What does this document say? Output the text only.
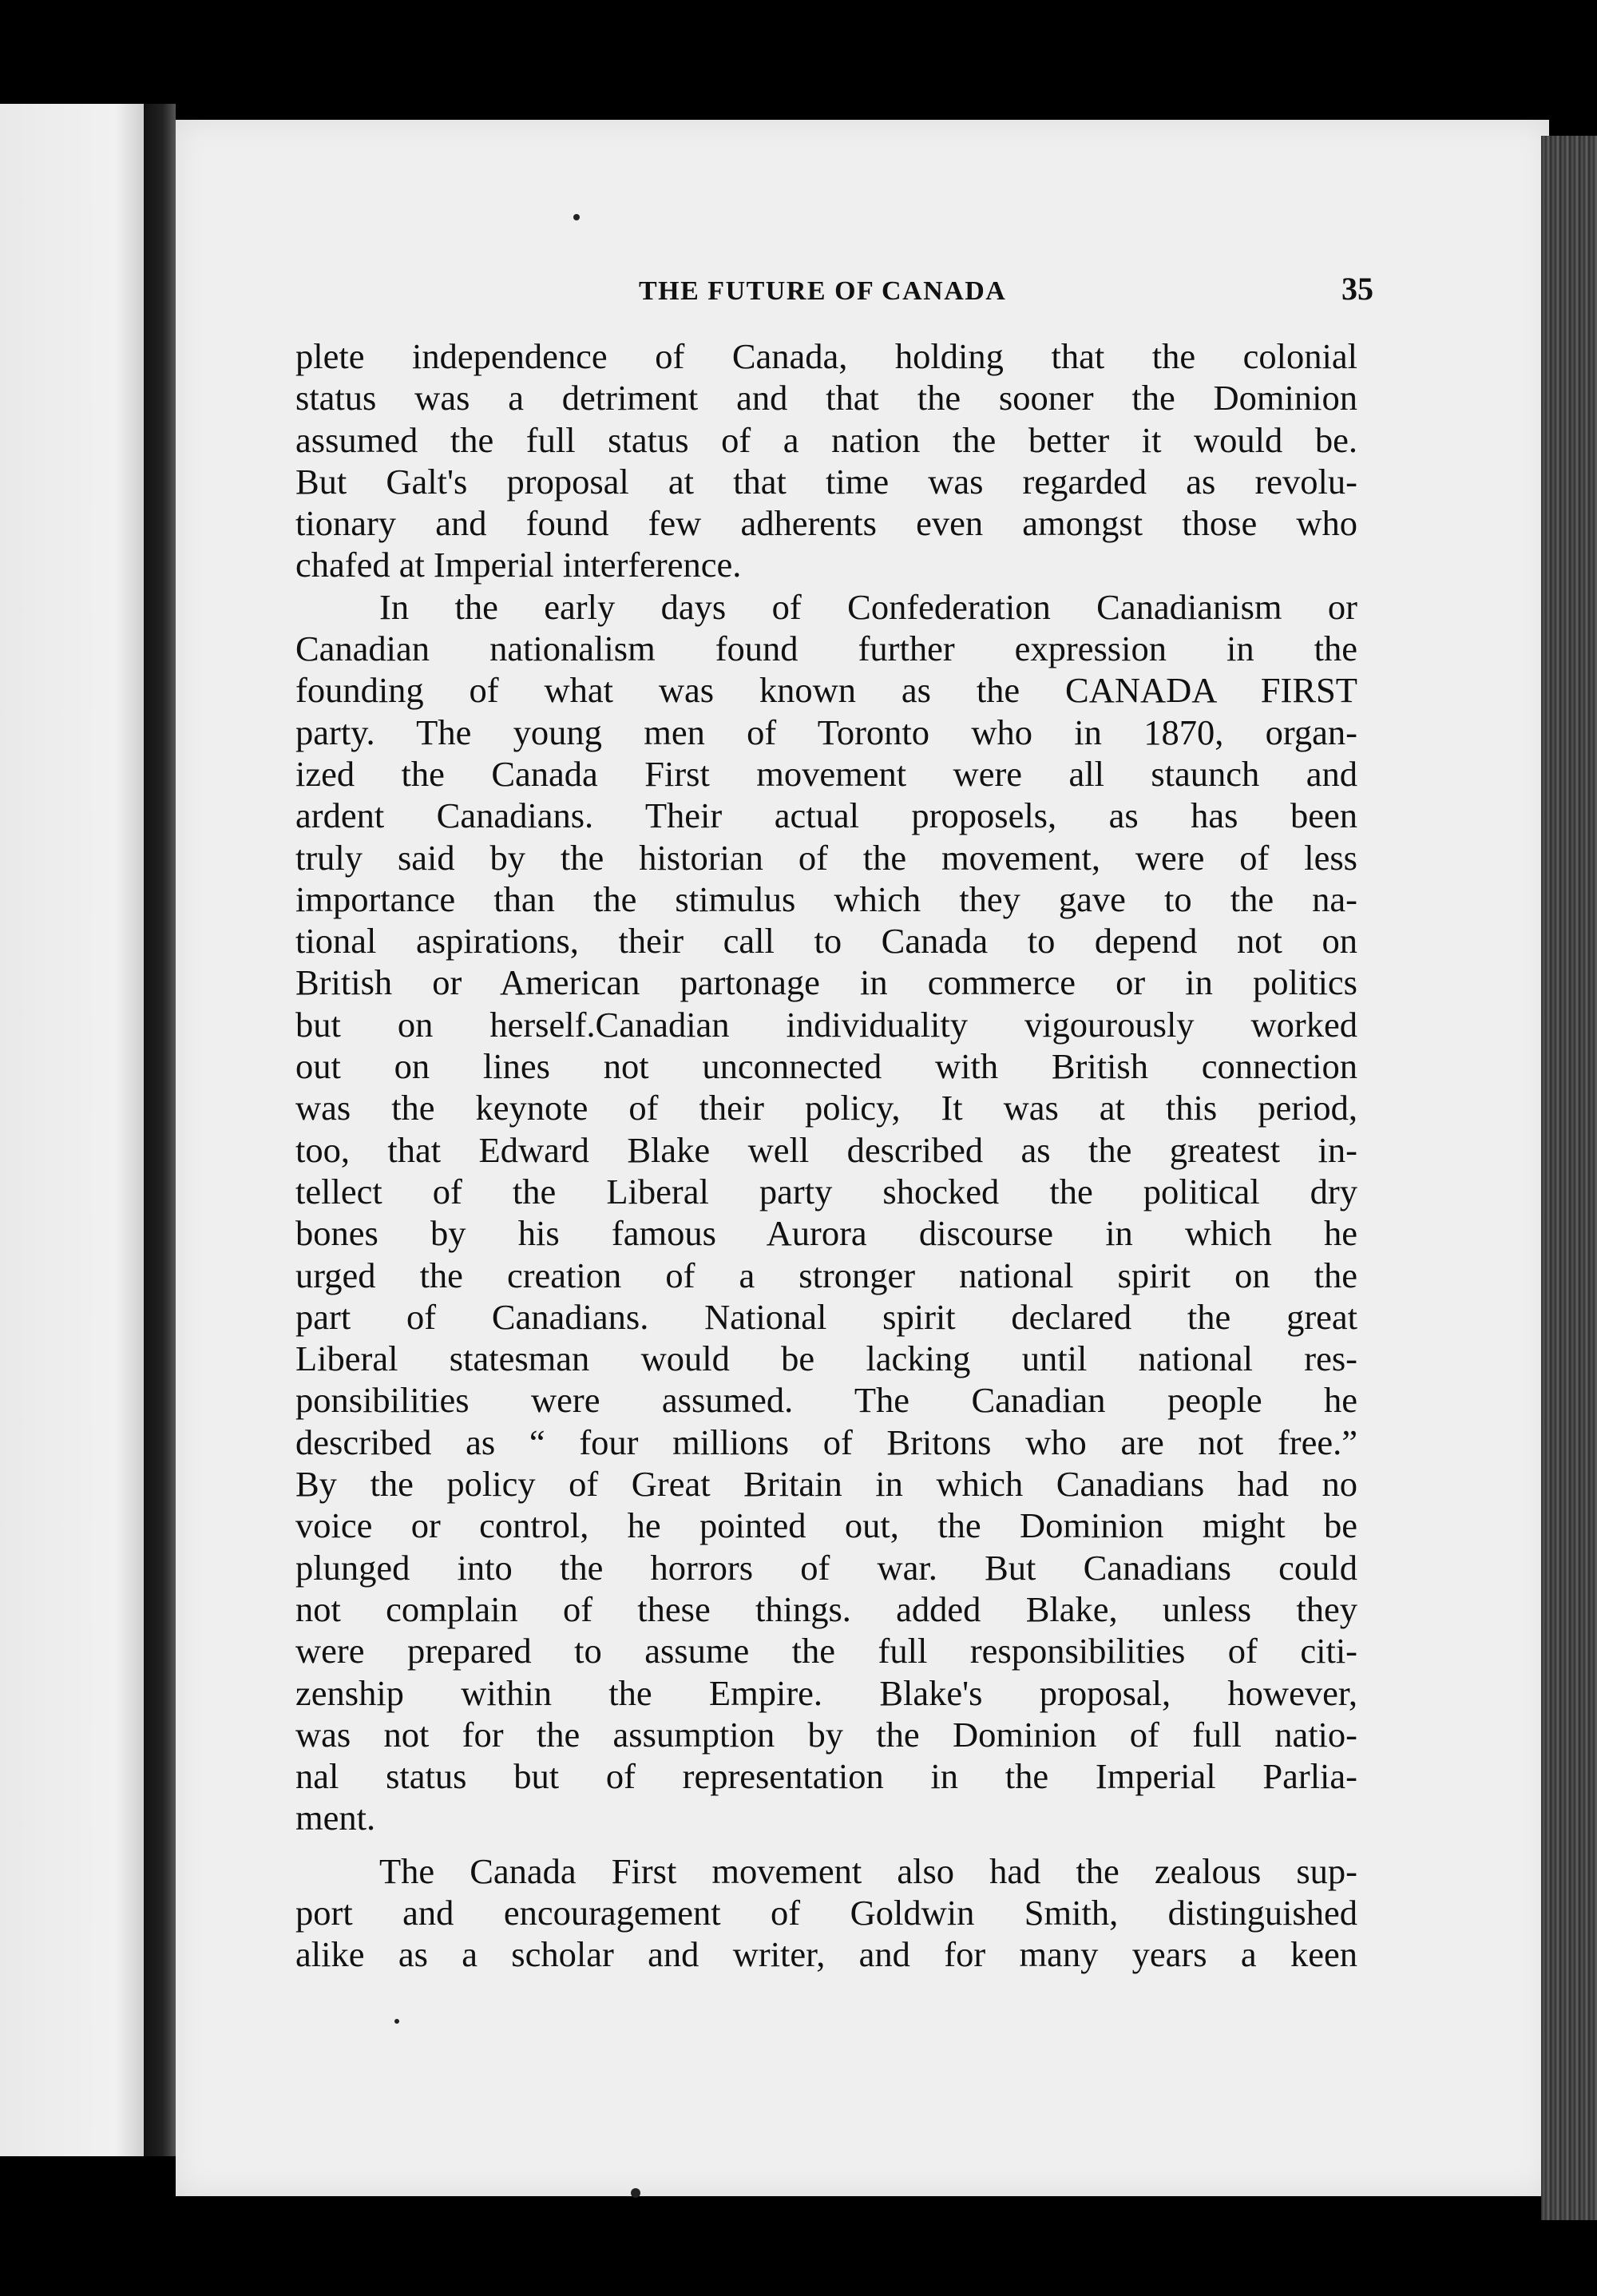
THE FUTURE OF CANADA	35

plete independence of Canada, holding that the colonial
status was a detriment and that the sooner the Dominion
assumed the full status of a nation the better it would be.
But Galt's proposal at that time was regarded as revolu-
tionary and found few adherents even amongst those who
chafed at Imperial interference.

In the early days of Confederation Canadianism or
Canadian nationalism found further expression in the
founding of what was known as the CANADA FIRST
party. The young men of Toronto who in 1870, organ-
ized the Canada First movement were all staunch and
ardent Canadians. Their actual proposels, as has been
truly said by the historian of the movement, were of less
importance than the stimulus which they gave to the na-
tional aspirations, their call to Canada to depend not on
British or American partonage in commerce or in politics
but on herself.Canadian individuality vigourously worked
out on lines not unconnected with British connection
was the keynote of their policy, It was at this period,
too, that Edward Blake well described as the greatest in-
tellect of the Liberal party shocked the political dry
bones by his famous Aurora discourse in which he
urged the creation of a stronger national spirit on the
part of Canadians. National spirit declared the great
Liberal statesman would be lacking until national res-
ponsibilities were assumed. The Canadian people he
described as “ four millions of Britons who are not free.”
By the policy of Great Britain in which Canadians had no
voice or control, he pointed out, the Dominion might be
plunged into the horrors of war. But Canadians could
not complain of these things. added Blake, unless they
were prepared to assume the full responsibilities of citi-
zenship within the Empire. Blake's proposal, however,
was not for the assumption by the Dominion of full natio-
nal status but of representation in the Imperial Parlia-
ment.

The Canada First movement also had the zealous sup-
port and encouragement of Goldwin Smith, distinguished
alike as a scholar and writer, and for many years a keen
